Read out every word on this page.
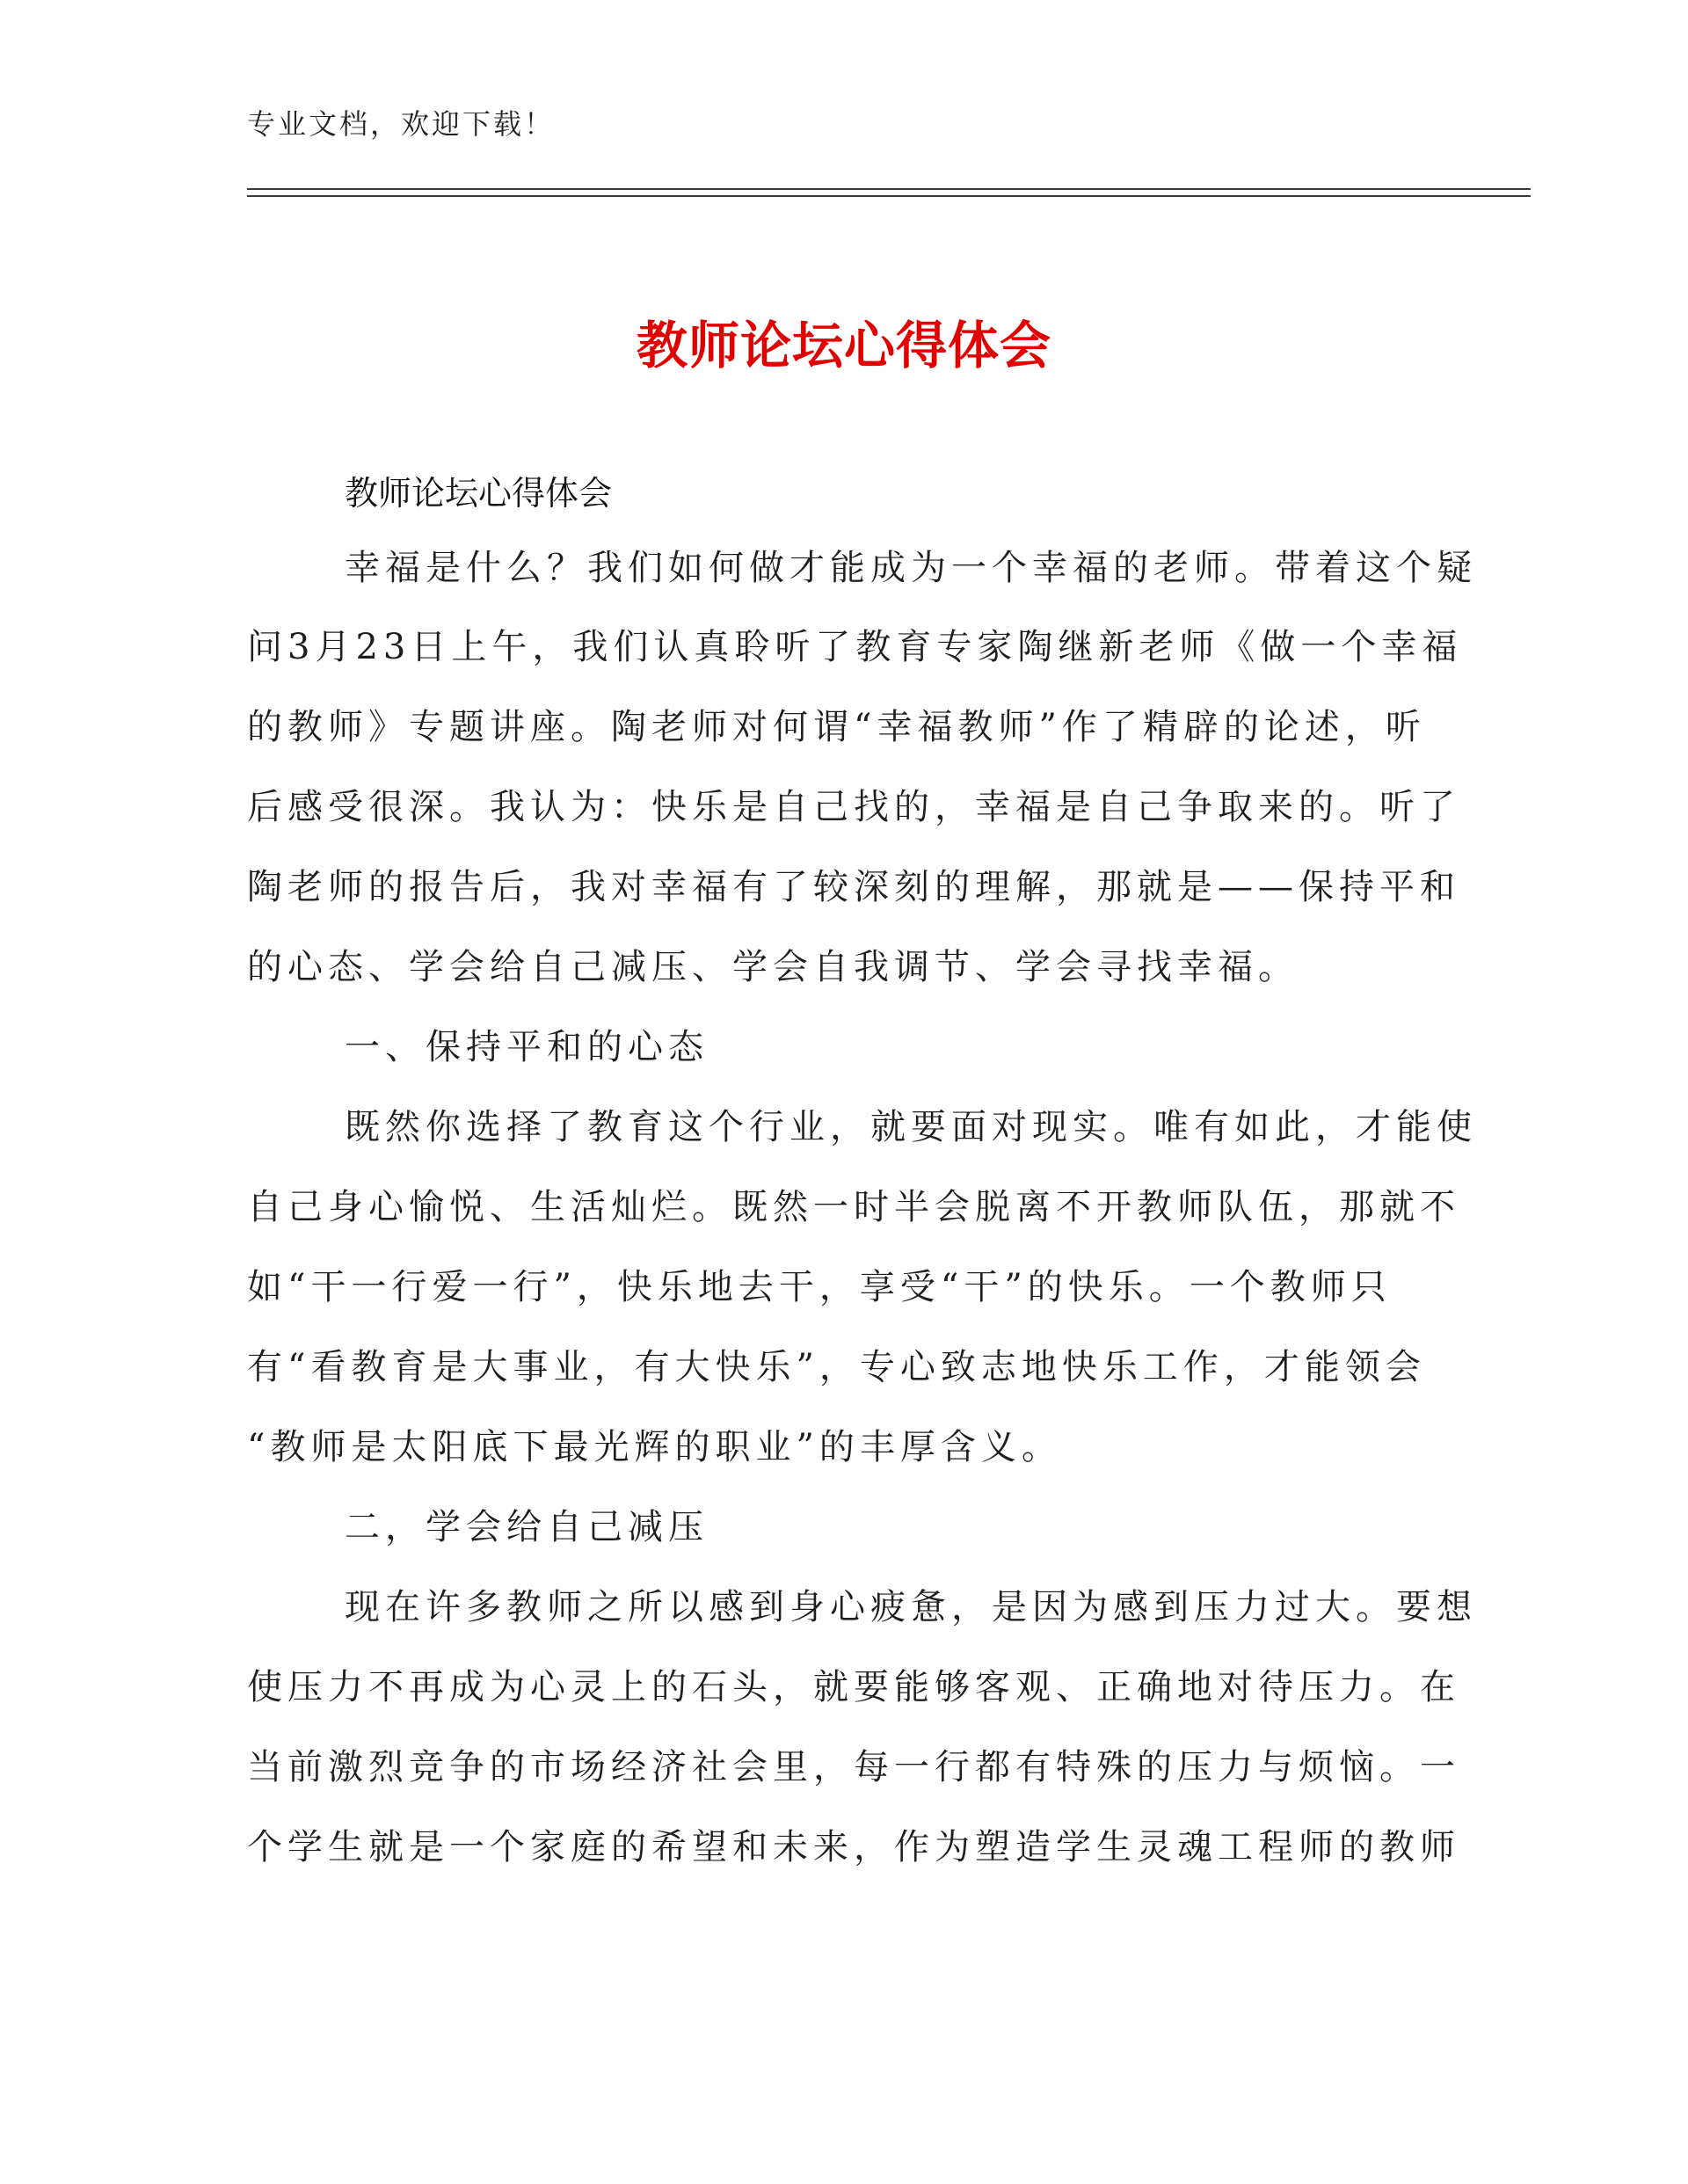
专业文档，欢迎下载！
教师论坛心得体会
教师论坛心得体会
幸福是什么？我们如何做才能成为一个幸福的老师。带着这个疑
问3月23日上午，我们认真聆听了教育专家陶继新老师《做一个幸福
的教师》专题讲座。陶老师对何谓“幸福教师”作了精辟的论述，听
后感受很深。我认为：快乐是自己找的，幸福是自己争取来的。听了
陶老师的报告后，我对幸福有了较深刻的理解，那就是——保持平和
的心态、学会给自己减压、学会自我调节、学会寻找幸福。
一、保持平和的心态
既然你选择了教育这个行业，就要面对现实。唯有如此，才能使
自己身心愉悦、生活灿烂。既然一时半会脱离不开教师队伍，那就不
如“干一行爱一行”，快乐地去干，享受“干”的快乐。一个教师只
有“看教育是大事业，有大快乐”，专心致志地快乐工作，才能领会
“教师是太阳底下最光辉的职业”的丰厚含义。
二，学会给自己减压
现在许多教师之所以感到身心疲惫，是因为感到压力过大。要想
使压力不再成为心灵上的石头，就要能够客观、正确地对待压力。在
当前激烈竞争的市场经济社会里，每一行都有特殊的压力与烦恼。一
个学生就是一个家庭的希望和未来，作为塑造学生灵魂工程师的教师
